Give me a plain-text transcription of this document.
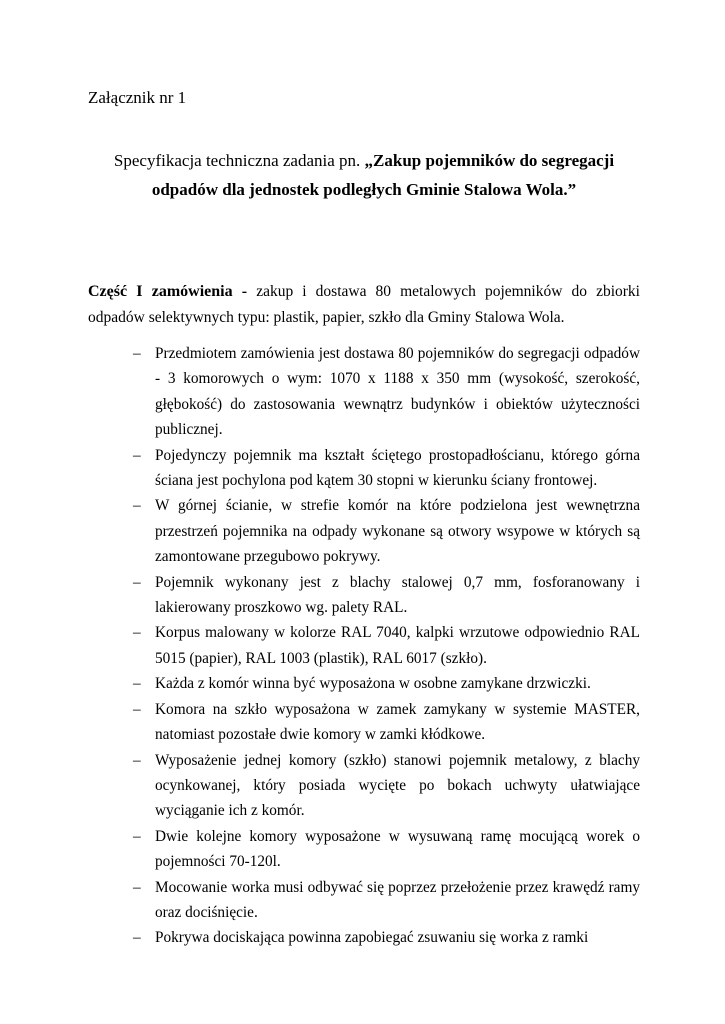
Załącznik nr 1
Specyfikacja techniczna zadania pn. „Zakup pojemników do segregacji odpadów dla jednostek podległych Gminie Stalowa Wola.”

Część I zamówienia - zakup i dostawa 80 metalowych pojemników do zbiorki odpadów selektywnych typu: plastik, papier, szkło dla Gminy Stalowa Wola.

– Przedmiotem zamówienia jest dostawa 80 pojemników do segregacji odpadów - 3 komorowych o wym: 1070 x 1188 x 350 mm (wysokość, szerokość, głębokość) do zastosowania wewnątrz budynków i obiektów użyteczności publicznej.
– Pojedynczy pojemnik ma kształt ściętego prostopadłościanu, którego górna ściana jest pochylona pod kątem 30 stopni w kierunku ściany frontowej.
– W górnej ścianie, w strefie komór na które podzielona jest wewnętrzna przestrzeń pojemnika na odpady wykonane są otwory wsypowe w których są zamontowane przegubowo pokrywy.
– Pojemnik wykonany jest z blachy stalowej 0,7 mm, fosforanowany i lakierowany proszkowo wg. palety RAL.
– Korpus malowany w kolorze RAL 7040, kalpki wrzutowe odpowiednio RAL 5015 (papier), RAL 1003 (plastik), RAL 6017 (szkło).
– Każda z komór winna być wyposażona w osobne zamykane drzwiczki.
– Komora na szkło wyposażona w zamek zamykany w systemie MASTER, natomiast pozostałe dwie komory w zamki kłódkowe.
– Wyposażenie jednej komory (szkło) stanowi pojemnik metalowy, z blachy ocynkowanej, który posiada wycięte po bokach uchwyty ułatwiające wyciąganie ich z komór.
– Dwie kolejne komory wyposażone w wysuwaną ramę mocującą worek o pojemności 70-120l.
– Mocowanie worka musi odbywać się poprzez przełożenie przez krawędź ramy oraz dociśnięcie.
– Pokrywa dociskająca powinna zapobiegać zsuwaniu się worka z ramki
